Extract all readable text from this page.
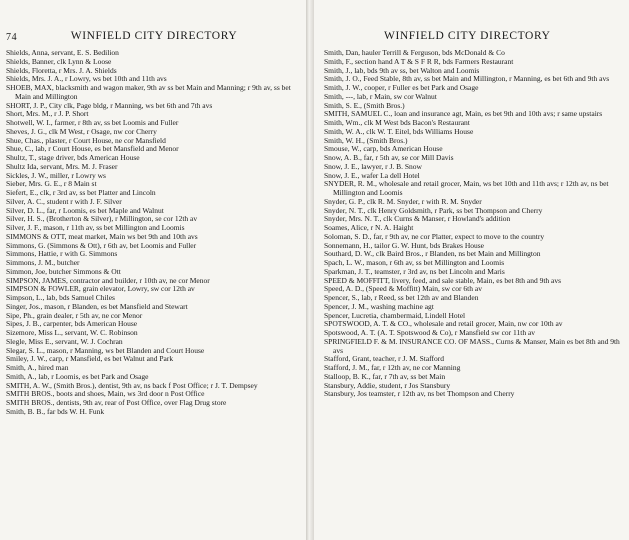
74	WINFIELD CITY DIRECTORY
Shields, Anna, servant, E. S. Bedilion
Shields, Banner, clk Lynn & Loose
Shields, Floretta, r Mrs. J. A. Shields
Shields, Mrs. J. A., r Lowry, ws bet 10th and 11th avs
SHOEB, MAX, blacksmith and wagon maker, 9th av ss bet Main and Manning; r 9th av, ss bet Main and Millington
SHORT, J. P., City clk, Page bldg, r Manning, ws bet 6th and 7th avs
Short, Mrs. M., r J. P. Short
Shotwell, W. I., farmer, r 8th av, ss bet Loomis and Fuller
Sheves, J. G., clk M West, r Osage, nw cor Cherry
Shue, Chas., plaster, r Court House, ne cor Mansfield
Shue, C., lab, r Court House, es bet Mansfield and Menor
Shultz, T., stage driver, bds American House
Shultz Ida, servant, Mrs. M. J. Fraser
Sickles, J. W., miller, r Lowry ws
Sieber, Mrs. G. E., r 8 Main st
Siefert, E., clk, r 3rd av, ss bet Platter and Lincoln
Silver, A. C., student r with J. F. Silver
Silver, D. L., far, r Loomis, es bet Maple and Walnut
Silver, H. S., (Brotherton & Silver), r Millington, se cor 12th av
Silver, J. F., mason, r 11th av, ss bet Millington and Loomis
SIMMONS & OTT, meat market, Main ws bet 9th and 10th avs
Simmons, G. (Simmons & Ott), r 6th av, bet Loomis and Fuller
Simmons, Hattie, r with G. Simmons
Simmons, J. M., butcher
Simmon, Joe, butcher Simmons & Ott
SIMPSON, JAMES, contractor and builder, r 10th av, ne cor Menor
SIMPSON & FOWLER, grain elevator, Lowry, sw cor 12th av
Simpson, L., lab, bds Samuel Chiles
Singer, Jos., mason, r Blanden, es bet Mansfield and Stewart
Sipe, Ph., grain dealer, r 5th av, ne cor Menor
Sipes, J. B., carpenter, bds American House
Sizemore, Miss L., servant, W. C. Robinson
Slegle, Miss E., servant, W. J. Cochran
Slegar, S. L., mason, r Manning, ws bet Blanden and Court House
Smiley, J. W., carp, r Mansfield, es bet Walnut and Park
Smith, A., hired man
Smith, A., lab, r Loomis, es bet Park and Osage
SMITH, A. W., (Smith Bros.), dentist, 9th av, ns back f Post Office; r J. T. Dempsey
SMITH BROS., boots and shoes, Main, ws 3rd door n Post Office
SMITH BROS., dentists, 9th av, rear of Post Office, over Flag Drug store
Smith, B. B., far bds W. H. Funk
WINFIELD CITY DIRECTORY
Smith, Dan, hauler Terrill & Ferguson, bds McDonald & Co
Smith, F., section hand A T & S F R R, bds Farmers Restaurant
Smith, J., lab, bds 9th av ss, bet Walton and Loomis
Smith, J. O., Feed Stable, 8th av, ss bet Main and Millington, r Manning, es bet 6th and 9th avs
Smith, J. W., cooper, r Fuller es bet Park and Osage
Smith, ---, lab, r Main, sw cor Walnut
Smith, S. E., (Smith Bros.)
SMITH, SAMUEL C., loan and insurance agt, Main, es bet 9th and 10th avs; r same upstairs
Smith, Wm., clk M West bds Bacon's Restaurant
Smith, W. A., clk W. T. Eitel, bds Williams House
Smith, W. H., (Smith Bros.)
Smouse, W., carp, bds American House
Snow, A. B., far, r 5th av, se cor Mill Davis
Snow, J. E., lawyer, r J. B. Snow
Snow, J. E., wafer La dell Hotel
SNYDER, R. M., wholesale and retail grocer, Main, ws bet 10th and 11th avs; r 12th av, ns bet Millington and Loomis
Snyder, G. P., clk R. M. Snyder, r with R. M. Snyder
Snyder, N. T., clk Henry Goldsmith, r Park, ss bet Thompson and Cherry
Snyder, Mrs. N. T., clk Curns & Manser, r Howland's addition
Soames, Alice, r N. A. Haight
Soloman, S. D., far, r 9th av, ne cor Platter, expect to move to the country
Sonnemann, H., tailor G. W. Hunt, bds Brakes House
Southard, D. W., clk Baird Bros., r Blanden, ns bet Main and Millington
Spach, L. W., mason, r 6th av, ss bet Millington and Loomis
Sparkman, J. T., teamster, r 3rd av, ns bet Lincoln and Maris
SPEED & MOFFITT, livery, feed, and sale stable, Main, es bet 8th and 9th avs
Speed, A. D., (Speed & Moffitt) Main, sw cor 6th av
Spencer, S., lab, r Reed, ss bet 12th av and Blanden
Spencer, J. M., washing machine agt
Spencer, Lucretia, chambermaid, Lindell Hotel
SPOTSWOOD, A. T. & CO., wholesale and retail grocer, Main, nw cor 10th av
Spotswood, A. T. (A. T. Spotswood & Co), r Mansfield sw cor 11th av
SPRINGFIELD F. & M. INSURANCE CO. OF MASS., Curns & Manser, Main es bet 8th and 9th avs
Stafford, Grant, teacher, r J. M. Stafford
Stafford, J. M., far, r 12th av, ne cor Manning
Stalloop, B. K., far, r 7th av, ss bet Main
Stansbury, Addie, student, r Jos Stansbury
Stansbury, Jos teamster, r 12th av, ns bet Thompson and Cherry
